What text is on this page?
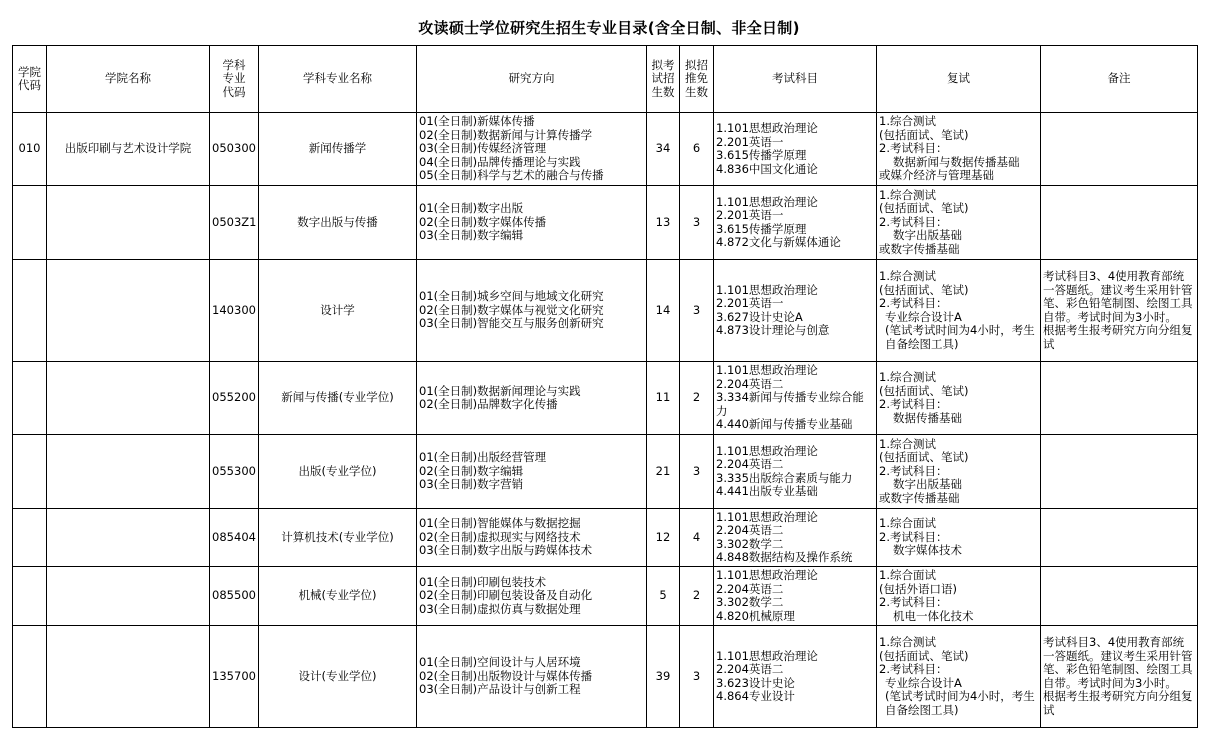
攻读硕士学位研究生招生专业目录(含全日制、非全日制)
学院
代码	学院名称	学科
专业
代码	学科专业名称	研究方向	拟考
试招
生数	拟招
推免
生数	考试科目	复试	备注
010	出版印刷与艺术设计学院	050300	新闻传播学	01(全日制)新媒体传播
02(全日制)数据新闻与计算传播学
03(全日制)传媒经济管理
04(全日制)品牌传播理论与实践
05(全日制)科学与艺术的融合与传播	34	6	1.101思想政治理论
2.201英语一
3.615传播学原理
4.836中国文化通论	1.综合测试
(包括面试、笔试)
2.考试科目：
数据新闻与数据传播基础
或媒介经济与管理基础	

		0503Z1	数字出版与传播	01(全日制)数字出版
02(全日制)数字媒体传播
03(全日制)数字编辑	13	3	1.101思想政治理论
2.201英语一
3.615传播学原理
4.872文化与新媒体通论	1.综合测试
(包括面试、笔试)
2.考试科目：
数字出版基础
或数字传播基础	

		140300	设计学	01(全日制)城乡空间与地域文化研究
02(全日制)数字媒体与视觉文化研究
03(全日制)智能交互与服务创新研究	14	3	1.101思想政治理论
2.201英语一
3.627设计史论A
4.873设计理论与创意	1.综合测试
(包括面试、笔试)
2.考试科目：
专业综合设计A
(笔试考试时间为4小时，考生自备绘图工具)	考试科目3、4使用教育部统一答题纸。建议考生采用针管笔、彩色铅笔制图、绘图工具自带。考试时间为3小时。
根据考生报考研究方向分组复试

		055200	新闻与传播(专业学位)	01(全日制)数据新闻理论与实践
02(全日制)品牌数字化传播	11	2	1.101思想政治理论
2.204英语二
3.334新闻与传播专业综合能力
4.440新闻与传播专业基础	1.综合测试
(包括面试、笔试)
2.考试科目：
数据传播基础	

		055300	出版(专业学位)	01(全日制)出版经营管理
02(全日制)数字编辑
03(全日制)数字营销	21	3	1.101思想政治理论
2.204英语二
3.335出版综合素质与能力
4.441出版专业基础	1.综合测试
(包括面试、笔试)
2.考试科目：
数字出版基础
或数字传播基础	

		085404	计算机技术(专业学位)	01(全日制)智能媒体与数据挖掘
02(全日制)虚拟现实与网络技术
03(全日制)数字出版与跨媒体技术	12	4	1.101思想政治理论
2.204英语二
3.302数学二
4.848数据结构及操作系统	1.综合面试
2.考试科目：
数字媒体技术	

		085500	机械(专业学位)	01(全日制)印刷包装技术
02(全日制)印刷包装设备及自动化
03(全日制)虚拟仿真与数据处理	5	2	1.101思想政治理论
2.204英语二
3.302数学二
4.820机械原理	1.综合面试
(包括外语口语)
2.考试科目：
机电一体化技术	

		135700	设计(专业学位)	01(全日制)空间设计与人居环境
02(全日制)出版物设计与媒体传播
03(全日制)产品设计与创新工程	39	3	1.101思想政治理论
2.204英语二
3.623设计史论
4.864专业设计	1.综合测试
(包括面试、笔试)
2.考试科目：
专业综合设计A
(笔试考试时间为4小时，考生自备绘图工具)	考试科目3、4使用教育部统一答题纸。建议考生采用针管笔、彩色铅笔制图、绘图工具自带。考试时间为3小时。
根据考生报考研究方向分组复试
